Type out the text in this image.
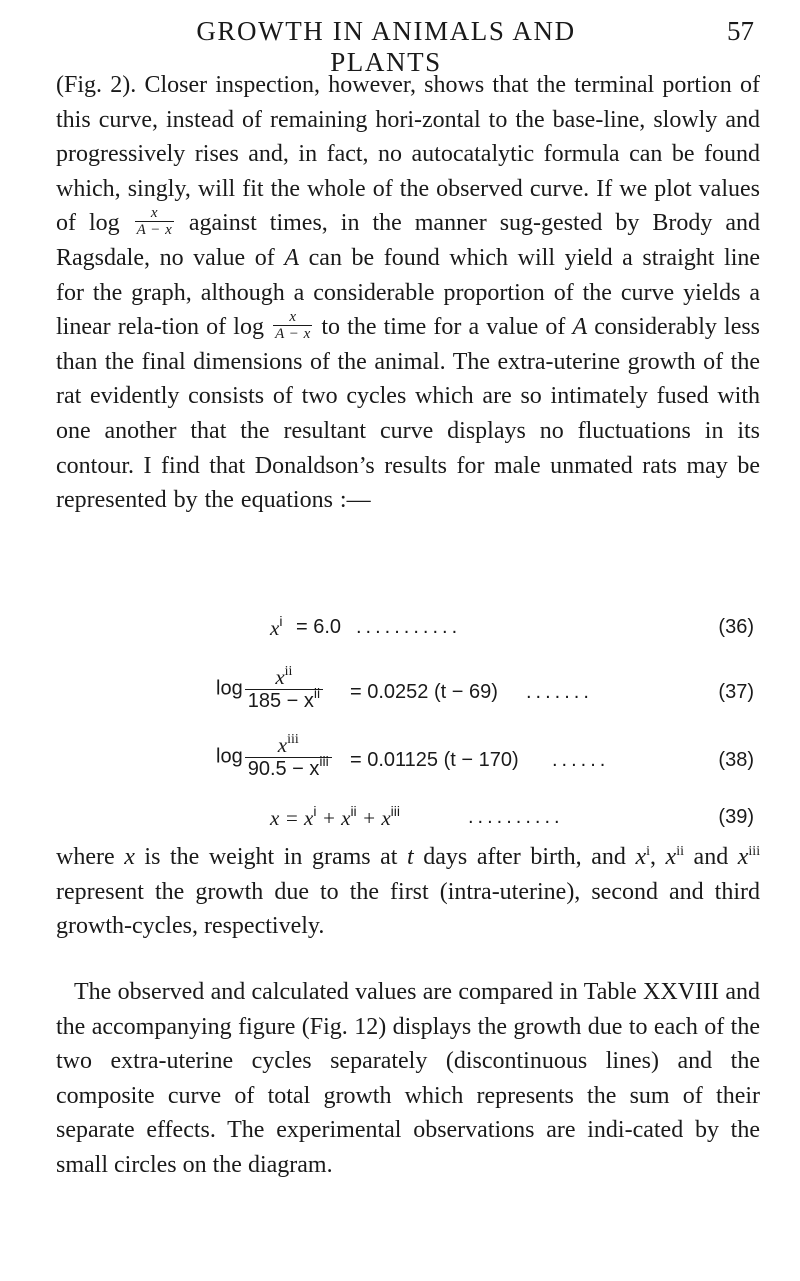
GROWTH IN ANIMALS AND PLANTS
57

(Fig. 2). Closer inspection, however, shows that the terminal portion of this curve, instead of remaining hori-zontal to the base-line, slowly and progressively rises and, in fact, no autocatalytic formula can be found which, singly, will fit the whole of the observed curve. If we plot values of $\log \frac{x}{A - x}$ against times, in the manner sug-gested by Brody and Ragsdale, no value of A can be found which will yield a straight line for the graph, although a considerable proportion of the curve yields a linear rela-tion of $\log \frac{x}{A - x}$ to the time for a value of A considerably less than the final dimensions of the animal. The extra-uterine growth of the rat evidently consists of two cycles which are so intimately fused with one another that the resultant curve displays no fluctuations in its contour. I find that Donaldson’s results for male unmated rats may be represented by the equations :—

$x^i = 6.0$ ...........	(36)
$\log \frac{x^{ii}}{185 - x^{ii}} = 0.0252$ (t − 69) .......	(37)
$\log \frac{x^{iii}}{90.5 - x^{iii}} = 0.01125$ (t − 170) ......	(38)
$x = x^i + x^{ii} + x^{iii}$	..........	(39)

where x is the weight in grams at t days after birth, and $x^i$, $x^{ii}$ and $x^{iii}$ represent the growth due to the first (intra-uterine), second and third growth-cycles, respectively.

The observed and calculated values are compared in Table XXVIII and the accompanying figure (Fig. 12) displays the growth due to each of the two extra-uterine cycles separately (discontinuous lines) and the composite curve of total growth which represents the sum of their separate effects. The experimental observations are indi-cated by the small circles on the diagram.
